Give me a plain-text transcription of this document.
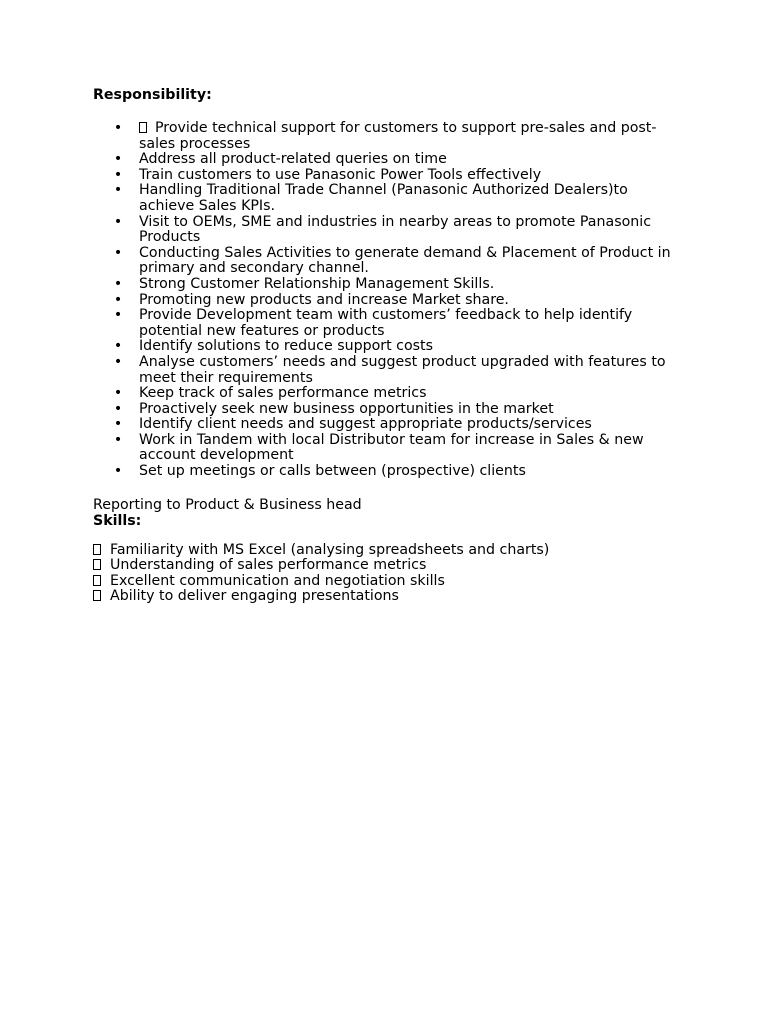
Responsibility:

• Provide technical support for customers to support pre-sales and post-sales processes
• Address all product-related queries on time
• Train customers to use Panasonic Power Tools effectively
• Handling Traditional Trade Channel (Panasonic Authorized Dealers)to achieve Sales KPIs.
• Visit to OEMs, SME and industries in nearby areas to promote Panasonic Products
• Conducting Sales Activities to generate demand & Placement of Product in primary and secondary channel.
• Strong Customer Relationship Management Skills.
• Promoting new products and increase Market share.
• Provide Development team with customers’ feedback to help identify potential new features or products
• Identify solutions to reduce support costs
• Analyse customers’ needs and suggest product upgraded with features to meet their requirements
• Keep track of sales performance metrics
• Proactively seek new business opportunities in the market
• Identify client needs and suggest appropriate products/services
• Work in Tandem with local Distributor team for increase in Sales & new account development
• Set up meetings or calls between (prospective) clients
Reporting to Product & Business head
Skills:
Familiarity with MS Excel (analysing spreadsheets and charts)
Understanding of sales performance metrics
Excellent communication and negotiation skills
Ability to deliver engaging presentations
